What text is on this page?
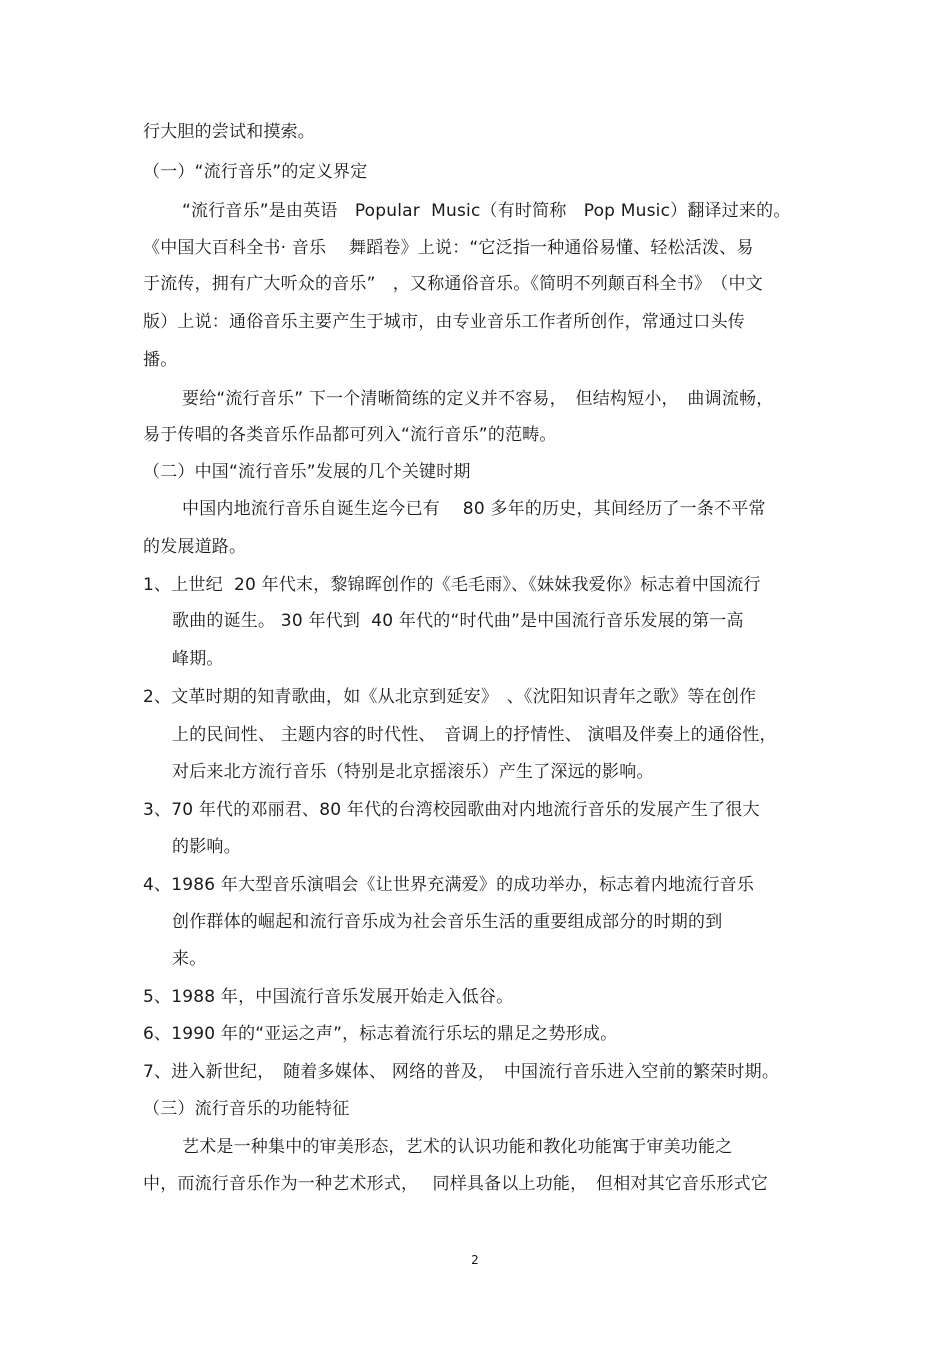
行大胆的尝试和摸索。
（一）“流行音乐”的定义界定
“流行音乐”是由英语　Popular  Music（有时简称　Pop Music）翻译过来的。
《中国大百科全书· 音乐　 舞蹈卷》上说：“它泛指一种通俗易懂、轻松活泼、易
于流传，拥有广大听众的音乐”　，又称通俗音乐。《简明不列颠百科全书》　（中文
版）上说：通俗音乐主要产生于城市，由专业音乐工作者所创作，常通过口头传
播。
要给“流行音乐” 下一个清晰简练的定义并不容易，　但结构短小，　曲调流畅，
易于传唱的各类音乐作品都可列入“流行音乐”的范畴。
（二）中国“流行音乐”发展的几个关键时期
中国内地流行音乐自诞生迄今已有　 80 多年的历史，其间经历了一条不平常
的发展道路。
1、上世纪  20 年代末，黎锦晖创作的《毛毛雨》、《妹妹我爱你》标志着中国流行
歌曲的诞生。 30 年代到  40 年代的“时代曲”是中国流行音乐发展的第一高
峰期。
2、文革时期的知青歌曲，如《从北京到延安》　、《沈阳知识青年之歌》等在创作
上的民间性、 主题内容的时代性、　音调上的抒情性、 演唱及伴奏上的通俗性，
对后来北方流行音乐（特别是北京摇滚乐）产生了深远的影响。
3、70 年代的邓丽君、80 年代的台湾校园歌曲对内地流行音乐的发展产生了很大
的影响。
4、1986 年大型音乐演唱会《让世界充满爱》的成功举办，标志着内地流行音乐
创作群体的崛起和流行音乐成为社会音乐生活的重要组成部分的时期的到
来。
5、1988 年，中国流行音乐发展开始走入低谷。
6、1990 年的“亚运之声”，标志着流行乐坛的鼎足之势形成。
7、进入新世纪，　随着多媒体、 网络的普及，　中国流行音乐进入空前的繁荣时期。
（三）流行音乐的功能特征
艺术是一种集中的审美形态，艺术的认识功能和教化功能寓于审美功能之
中，而流行音乐作为一种艺术形式，　 同样具备以上功能，　但相对其它音乐形式它
2
